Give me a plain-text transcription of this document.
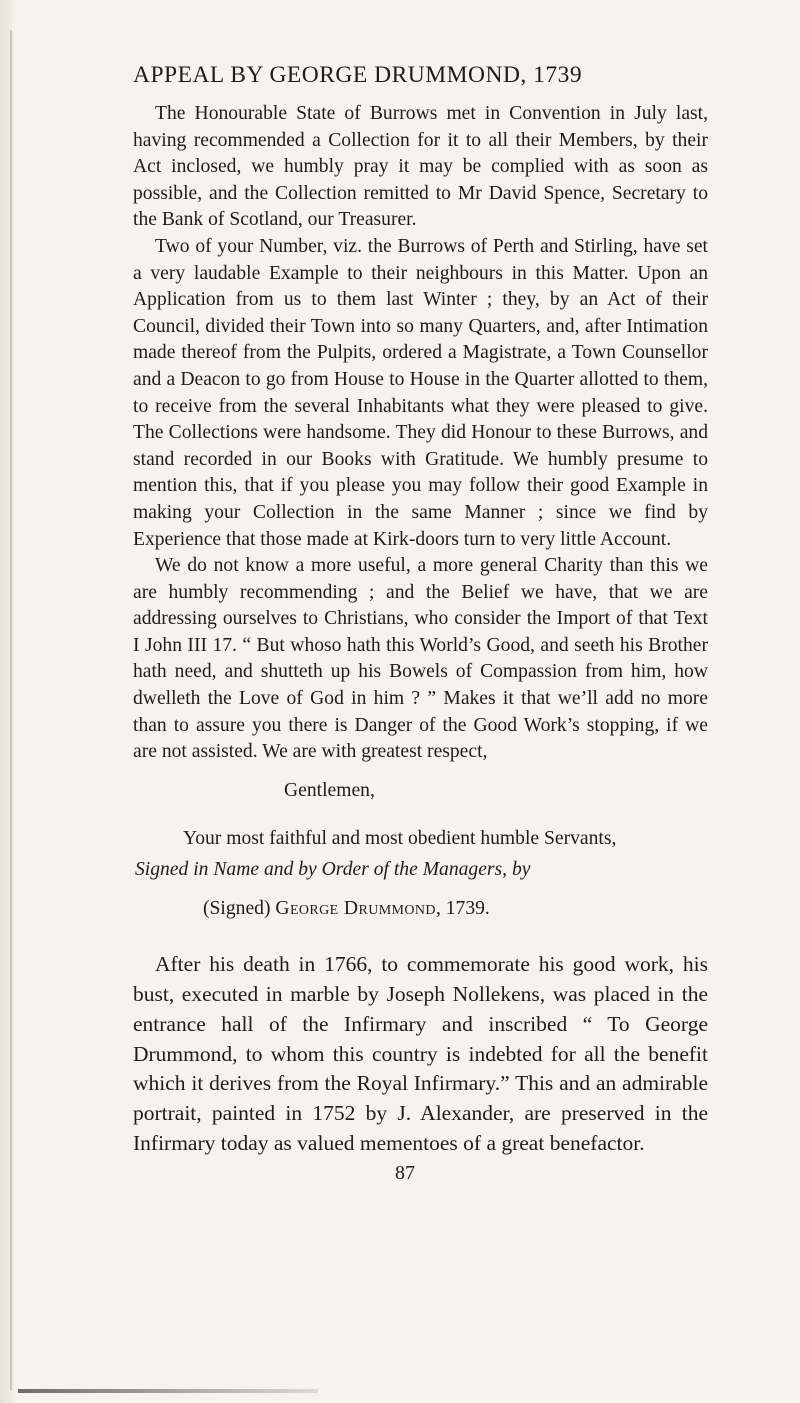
APPEAL BY GEORGE DRUMMOND, 1739

The Honourable State of Burrows met in Convention in July last, having recommended a Collection for it to all their Members, by their Act inclosed, we humbly pray it may be complied with as soon as possible, and the Collection remitted to Mr David Spence, Secretary to the Bank of Scotland, our Treasurer.

Two of your Number, viz. the Burrows of Perth and Stirling, have set a very laudable Example to their neighbours in this Matter. Upon an Application from us to them last Winter ; they, by an Act of their Council, divided their Town into so many Quarters, and, after Intimation made thereof from the Pulpits, ordered a Magistrate, a Town Counsellor and a Deacon to go from House to House in the Quarter allotted to them, to receive from the several Inhabitants what they were pleased to give. The Collections were handsome. They did Honour to these Burrows, and stand recorded in our Books with Gratitude. We humbly presume to mention this, that if you please you may follow their good Example in making your Collection in the same Manner ; since we find by Experience that those made at Kirk-doors turn to very little Account.

We do not know a more useful, a more general Charity than this we are humbly recommending ; and the Belief we have, that we are addressing ourselves to Christians, who consider the Import of that Text I John III 17. “ But whoso hath this World’s Good, and seeth his Brother hath need, and shutteth up his Bowels of Compassion from him, how dwelleth the Love of God in him ? ” Makes it that we’ll add no more than to assure you there is Danger of the Good Work’s stopping, if we are not assisted. We are with greatest respect,

Gentlemen,

Your most faithful and most obedient humble Servants,

Signed in Name and by Order of the Managers, by

(Signed) George Drummond, 1739.

After his death in 1766, to commemorate his good work, his bust, executed in marble by Joseph Nollekens, was placed in the entrance hall of the Infirmary and inscribed “ To George Drummond, to whom this country is indebted for all the benefit which it derives from the Royal Infirmary.” This and an admirable portrait, painted in 1752 by J. Alexander, are preserved in the Infirmary today as valued mementoes of a great benefactor.

87
